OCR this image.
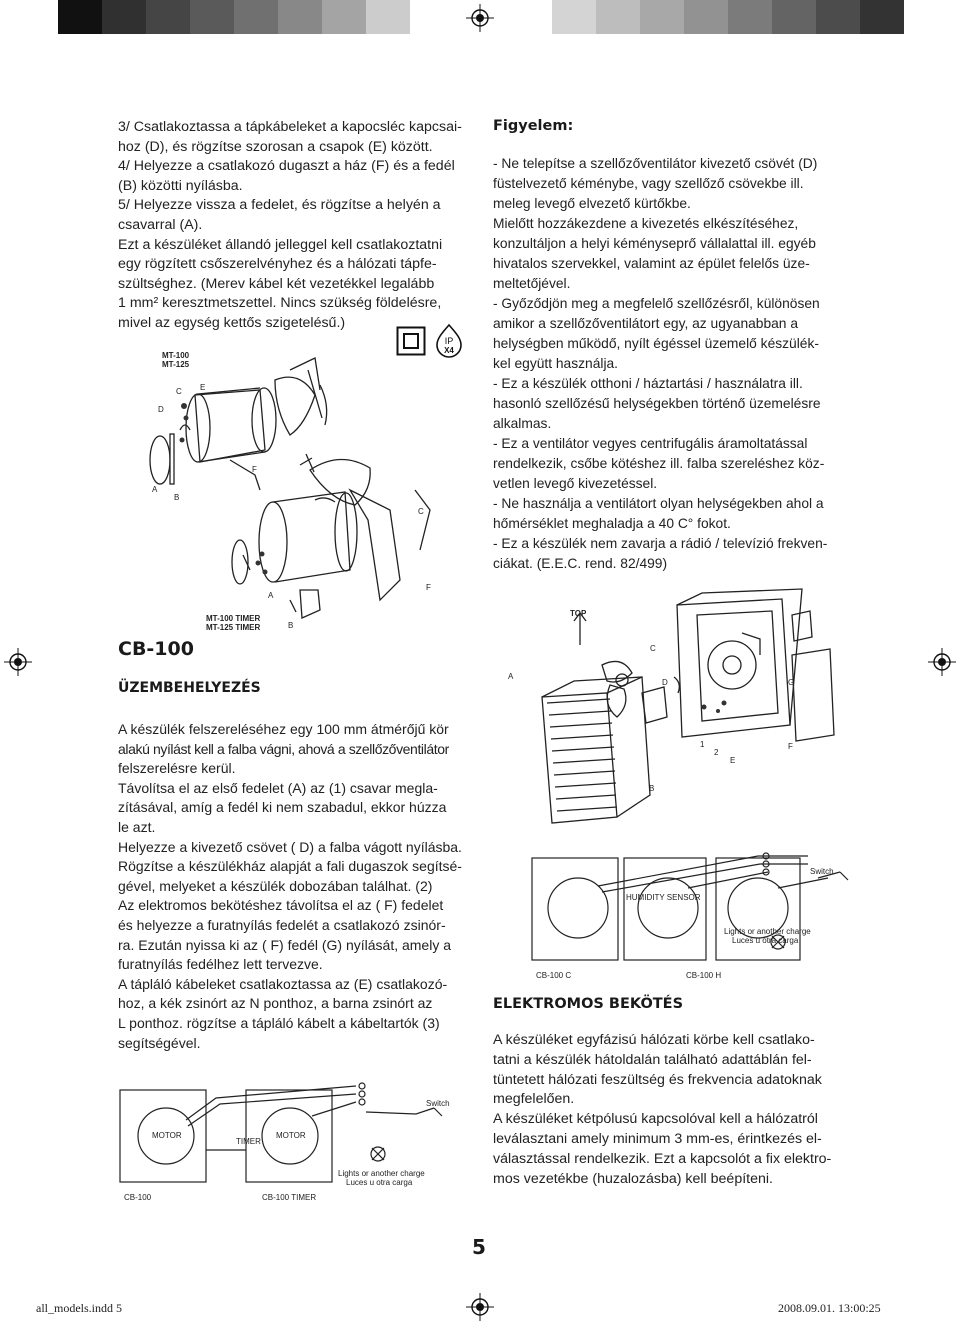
3/ Csatlakoztassa a tápkábeleket a kapocsléc kapcsai-

hoz (D), és rögzítse szorosan a csapok (E) között.

4/ Helyezze a csatlakozó dugaszt a ház (F) és a fedél

(B) közötti nyílásba.

5/ Helyezze vissza a fedelet, és rögzítse a helyén a

csavarral (A).

Ezt a készüléket állandó jelleggel kell csatlakoztatni

egy rögzített csőszerelvényhez és a hálózati tápfe-

szültséghez. (Merev kábel két vezetékkel legalább

1 mm² keresztmetszettel. Nincs szükség földelésre,

mivel az egység kettős szigetelésű.)

IP
X4
Figyelem:

- Ne telepítse a szellőzőventilátor kivezető csövét (D)

füstelvezető kéménybe, vagy szellőző csövekbe ill.

meleg levegő elvezető kürtőkbe.

Mielőtt hozzákezdene a kivezetés elkészítéséhez,

konzultáljon a helyi kéményseprő vállalattal ill. egyéb

hivatalos szervekkel, valamint az épület felelős üze-

meltetőjével.

- Győződjön meg a megfelelő szellőzésről, különösen

amikor a szellőzőventilátort egy, az ugyanabban a

helységben működő, nyílt égéssel üzemelő készülék-

kel együtt használja.

- Ez a készülék otthoni / háztartási / használatra ill.

hasonló szellőzésű helységekben történő üzemelésre

alkalmas.

- Ez a ventilátor vegyes centrifugális áramoltatással

rendelkezik, csőbe kötéshez ill. falba szereléshez köz-

vetlen levegő kivezetéssel.

- Ne használja a ventilátort olyan helységekben ahol a

hőmérséklet meghaladja a 40 C° fokot.

- Ez a készülék nem zavarja a rádió / televízió frekven-

ciákat. (E.E.C. rend. 82/499)

MT-100
MT-125
C E
D
F
A
B
C
F
B
A
MT-100 TIMER
MT-125 TIMER
CB-100
ÜZEMBEHELYEZÉS

A készülék felszereléséhez egy 100 mm átmérőjű kör

alakú nyílást kell a falba vágni, ahová a szellőzőventilátor

felszerelésre kerül.

Távolítsa el az első fedelet (A) az (1) csavar megla-

zításával, amíg a fedél ki nem szabadul, ekkor húzza

le azt.

Helyezze a kivezető csövet ( D) a falba vágott nyílásba.

Rögzítse a készülékház alapját a fali dugaszok segítsé-

gével, melyeket a készülék dobozában találhat. (2)

Az elektromos bekötéshez távolítsa el az ( F) fedelet

és helyezze a furatnyílás fedelét a csatlakozó zsinór-

ra. Ezután nyissa ki az ( F) fedél (G) nyílását, amely a

furatnyílás fedélhez lett tervezve.

A tápláló kábeleket csatlakoztassa az (E) csatlakozó-

hoz, a kék zsinórt az N ponthoz, a barna zsinórt az

L ponthoz. rögzítse a tápláló kábelt a kábeltartók (3)

segítségével.

TOP
A
C
D	G
F
E
B
1
2
HUMIDITY SENSOR
Switch
Lights or another charge
Luces u otra carga
CB-100 C	CB-100 H
ELEKTROMOS BEKÖTÉS

A készüléket egyfázisú hálózati körbe kell csatlako-

tatni a készülék hátoldalán található adattáblán fel-

tüntetett hálózati feszültség és frekvencia adatoknak

megfelelően.

A készüléket kétpólusú kapcsolóval kell a hálózatról

leválasztani amely minimum 3 mm-es, érintkezés el-

választással rendelkezik. Ezt a kapcsolót a fix elektro-

mos vezetékbe (huzalozásba) kell beépíteni.

MOTOR	MOTOR
TIMER
Switch
Lights or another charge
Luces u otra carga
CB-100	CB-100 TIMER
5
all_models.indd 5	2008.09.01. 13:00:25
